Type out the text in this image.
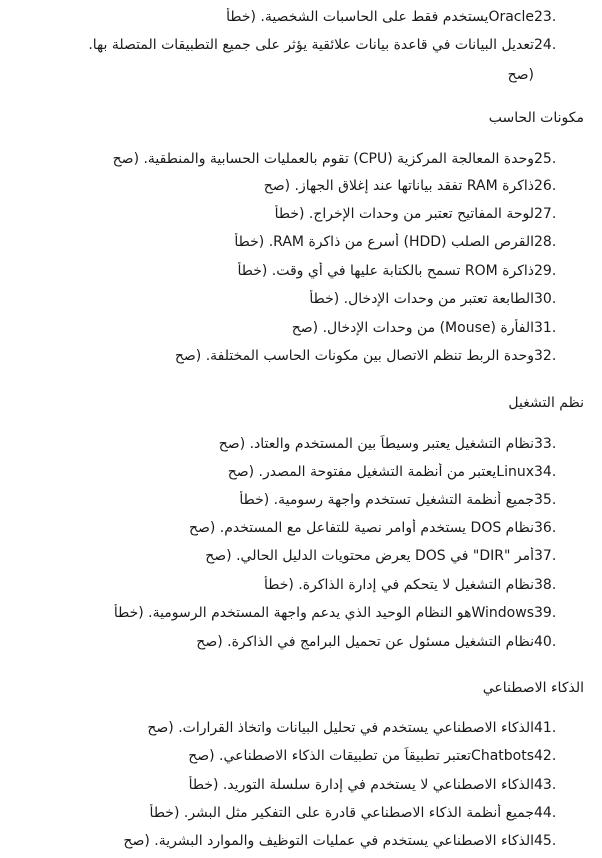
23.
Oracleيستخدم فقط على الحاسبات الشخصية. (خطأ
24.
تعديل البيانات في قاعدة بيانات علائقية يؤثر على جميع التطبيقات المتصلة بها.
(صح
مكونات الحاسب
25.
وحدة المعالجة المركزية (CPU) تقوم بالعمليات الحسابية والمنطقية. (صح
26.
ذاكرة RAM تفقد بياناتها عند إغلاق الجهاز. (صح
27.
لوحة المفاتيح تعتبر من وحدات الإخراج. (خطأ
28.
القرص الصلب (HDD) أسرع من ذاكرة RAM. (خطأ
29.
ذاكرة ROM تسمح بالكتابة عليها في أي وقت. (خطأ
30.
الطابعة تعتبر من وحدات الإدخال. (خطأ
31.
الفأرة (Mouse) من وحدات الإدخال. (صح
32.
وحدة الربط تنظم الاتصال بين مكونات الحاسب المختلفة. (صح
نظم التشغيل
33.
نظام التشغيل يعتبر وسيطاً بين المستخدم والعتاد. (صح
34.
Linuxيعتبر من أنظمة التشغيل مفتوحة المصدر. (صح
35.
جميع أنظمة التشغيل تستخدم واجهة رسومية. (خطأ
36.
نظام DOS يستخدم أوامر نصية للتفاعل مع المستخدم. (صح
37.
أمر "DIR" في DOS يعرض محتويات الدليل الحالي. (صح
38.
نظام التشغيل لا يتحكم في إدارة الذاكرة. (خطأ
39.
Windowsهو النظام الوحيد الذي يدعم واجهة المستخدم الرسومية. (خطأ
40.
نظام التشغيل مسئول عن تحميل البرامج في الذاكرة. (صح
الذكاء الاصطناعي
41.
الذكاء الاصطناعي يستخدم في تحليل البيانات واتخاذ القرارات. (صح
42.
Chatbotsتعتبر تطبيقاً من تطبيقات الذكاء الاصطناعي. (صح
43.
الذكاء الاصطناعي لا يستخدم في إدارة سلسلة التوريد. (خطأ
44.
جميع أنظمة الذكاء الاصطناعي قادرة على التفكير مثل البشر. (خطأ
45.
الذكاء الاصطناعي يستخدم في عمليات التوظيف والموارد البشرية. (صح
